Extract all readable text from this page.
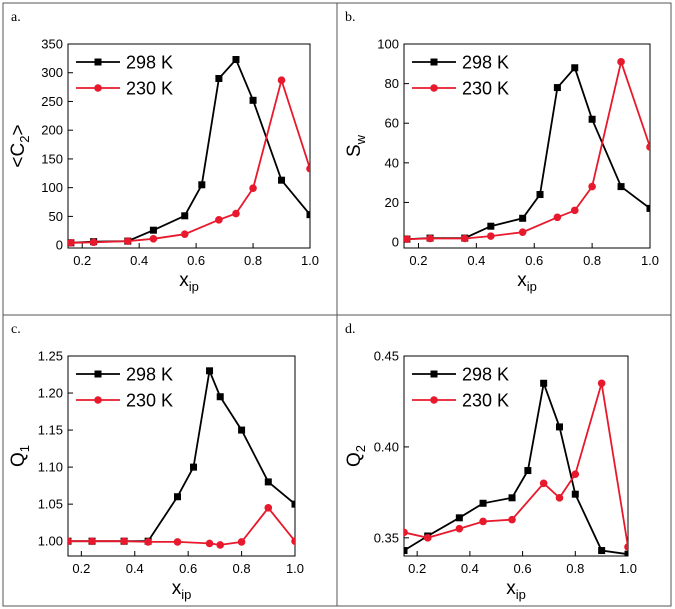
a.
0.2	0.4	0.6	0.8	1.0
0
50
100
150
200
250
300
350
$x_{ip}$
$<C_2>$
298 K
230 K
b.
0.2	0.4	0.6	0.8	1.0
0
20
40
60
80
100
$x_{ip}$
$S_w$
298 K
230 K
c.
0.2	0.4	0.6	0.8	1.0
1.00
1.05
1.10
1.15
1.20
1.25
$x_{ip}$
$Q_1$
298 K
230 K
d.
0.2	0.4	0.6	0.8	1.0
0.35
0.40
0.45
$x_{ip}$
$Q_2$
298 K
230 K
